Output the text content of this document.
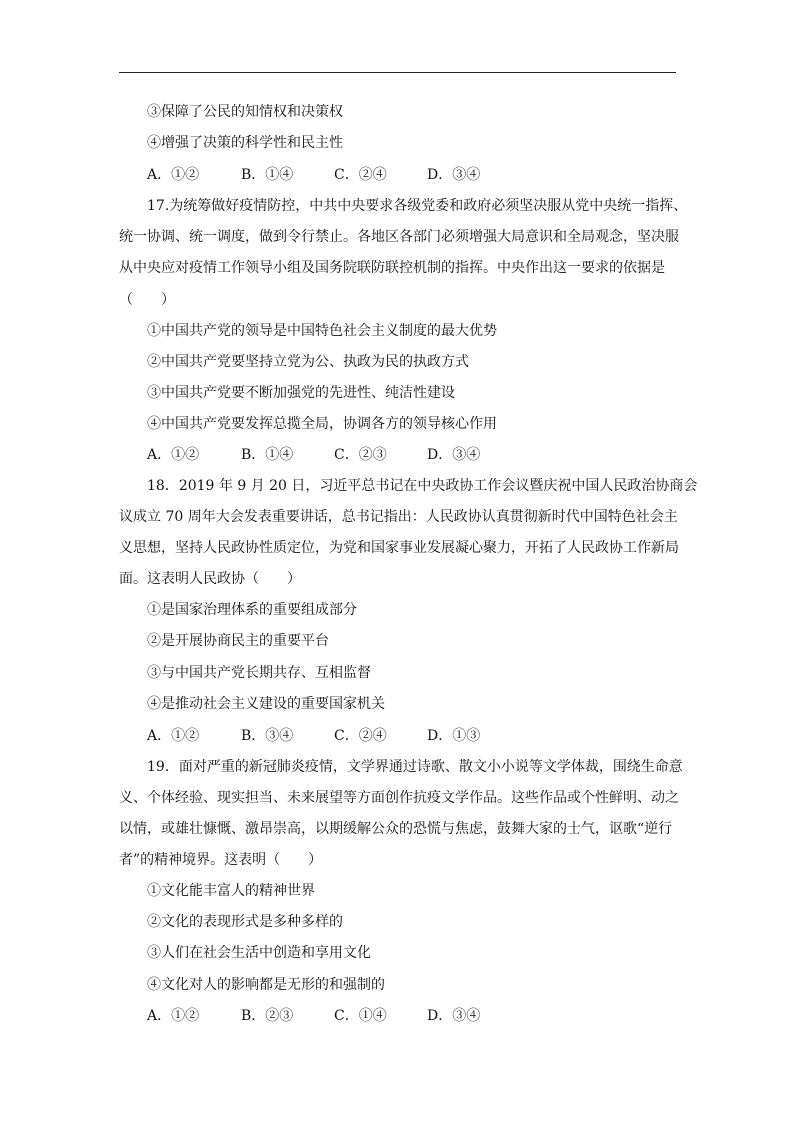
③保障了公民的知情权和决策权
④增强了决策的科学性和民主性
A．①②	B．①④	C．②④	D．③④
17.为统筹做好疫情防控，中共中央要求各级党委和政府必须坚决服从党中央统一指挥、
统一协调、统一调度，做到令行禁止。各地区各部门必须增强大局意识和全局观念，坚决服
从中央应对疫情工作领导小组及国务院联防联控机制的指挥。中央作出这一要求的依据是
（　　）
①中国共产党的领导是中国特色社会主义制度的最大优势
②中国共产党要坚持立党为公、执政为民的执政方式
③中国共产党要不断加强党的先进性、纯洁性建设
④中国共产党要发挥总揽全局，协调各方的领导核心作用
A．①②	B．①④	C．②③	D．③④
18．2019 年 9 月 20 日，习近平总书记在中央政协工作会议暨庆祝中国人民政治协商会
议成立 70 周年大会发表重要讲话，总书记指出：人民政协认真贯彻新时代中国特色社会主
义思想，坚持人民政协性质定位，为党和国家事业发展凝心聚力，开拓了人民政协工作新局
面。这表明人民政协（　　）
①是国家治理体系的重要组成部分
②是开展协商民主的重要平台
③与中国共产党长期共存、互相监督
④是推动社会主义建设的重要国家机关
A．①②	B．③④	C．②④	D．①③
19．面对严重的新冠肺炎疫情，文学界通过诗歌、散文小小说等文学体裁，围绕生命意
义、个体经验、现实担当、未来展望等方面创作抗疫文学作品。这些作品或个性鲜明、动之
以情，或雄壮慷慨、激昂崇高，以期缓解公众的恐慌与焦虑，鼓舞大家的士气，讴歌“逆行
者”的精神境界。这表明（　　）
①文化能丰富人的精神世界
②文化的表现形式是多种多样的
③人们在社会生活中创造和享用文化
④文化对人的影响都是无形的和强制的
A．①②	B．②③	C．①④	D．③④
